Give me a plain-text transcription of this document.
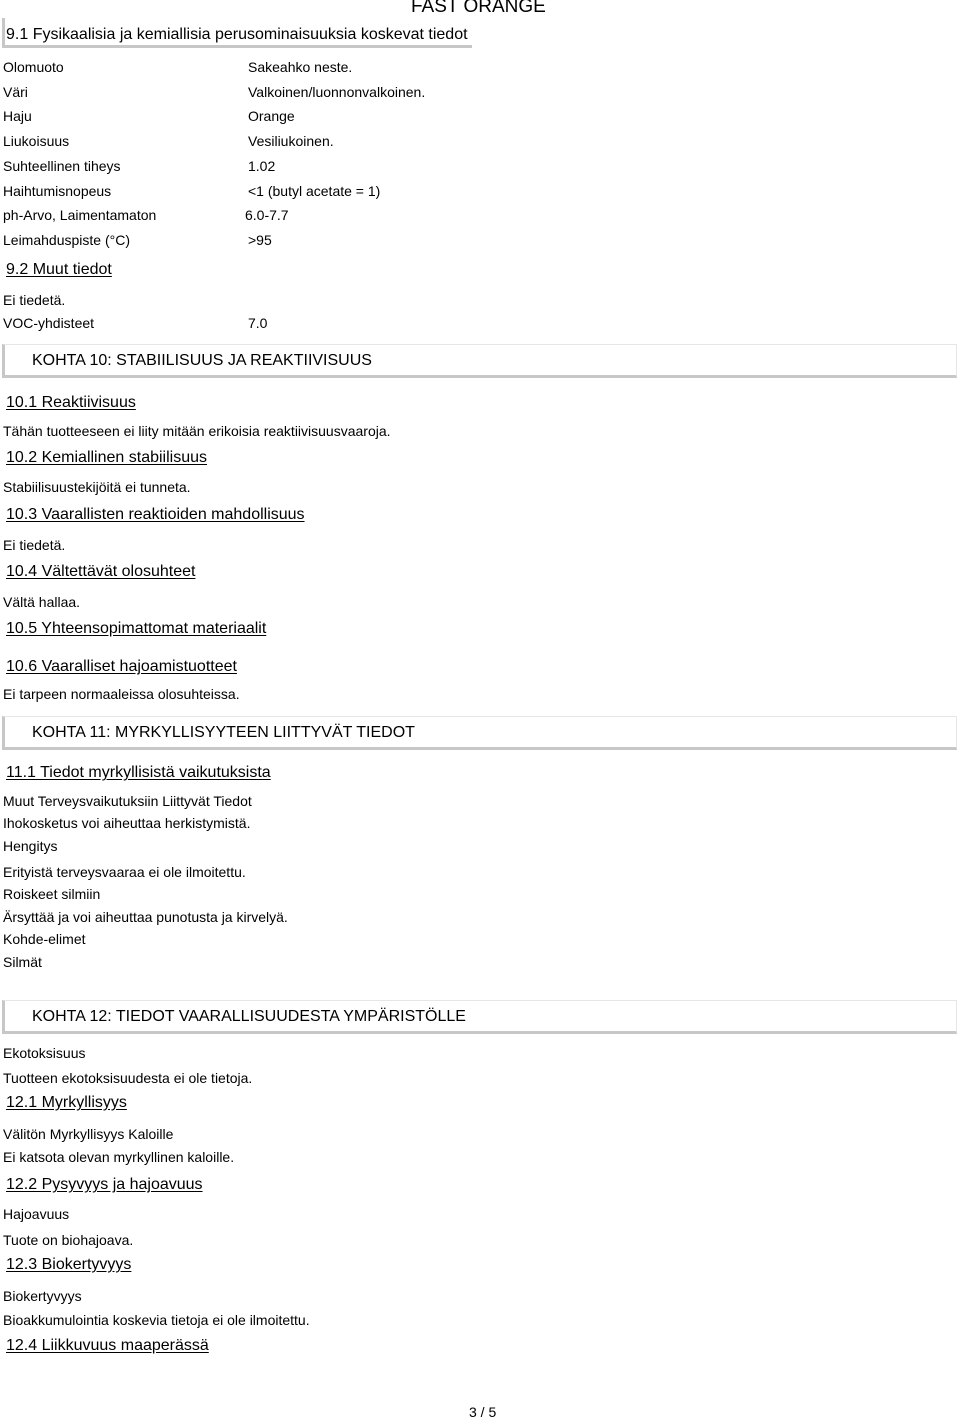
FAST ORANGE
9.1 Fysikaalisia ja kemiallisia perusominaisuuksia koskevat tiedot
Olomuoto	Sakeahko neste.
Väri	Valkoinen/luonnonvalkoinen.
Haju	Orange
Liukoisuus	Vesiliukoinen.
Suhteellinen tiheys	1.02
Haihtumisnopeus	<1 (butyl acetate = 1)
ph-Arvo, Laimentamaton	6.0-7.7
Leimahduspiste (°C)	>95
9.2 Muut tiedot
Ei tiedetä.
VOC-yhdisteet	7.0
KOHTA 10: STABIILISUUS JA REAKTIIVISUUS
10.1 Reaktiivisuus
Tähän tuotteeseen ei liity mitään erikoisia reaktiivisuusvaaroja.
10.2 Kemiallinen stabiilisuus
Stabiilisuustekijöitä ei tunneta.
10.3 Vaarallisten reaktioiden mahdollisuus
Ei tiedetä.
10.4 Vältettävät olosuhteet
Vältä hallaa.
10.5 Yhteensopimattomat materiaalit
10.6 Vaaralliset hajoamistuotteet
Ei tarpeen normaaleissa olosuhteissa.
KOHTA 11: MYRKYLLISYYTEEN LIITTYVÄT TIEDOT
11.1 Tiedot myrkyllisistä vaikutuksista
Muut Terveysvaikutuksiin Liittyvät Tiedot
Ihokosketus voi aiheuttaa herkistymistä.
Hengitys
Erityistä terveysvaaraa ei ole ilmoitettu.
Roiskeet silmiin
Ärsyttää ja voi aiheuttaa punotusta ja kirvelyä.
Kohde-elimet
Silmät
KOHTA 12: TIEDOT VAARALLISUUDESTA YMPÄRISTÖLLE
Ekotoksisuus
Tuotteen ekotoksisuudesta ei ole tietoja.
12.1 Myrkyllisyys
Välitön Myrkyllisyys Kaloille
Ei katsota olevan myrkyllinen kaloille.
12.2 Pysyvyys ja hajoavuus
Hajoavuus
Tuote on biohajoava.
12.3 Biokertyvyys
Biokertyvyys
Bioakkumulointia koskevia tietoja ei ole ilmoitettu.
12.4 Liikkuvuus maaperässä
3 / 5
